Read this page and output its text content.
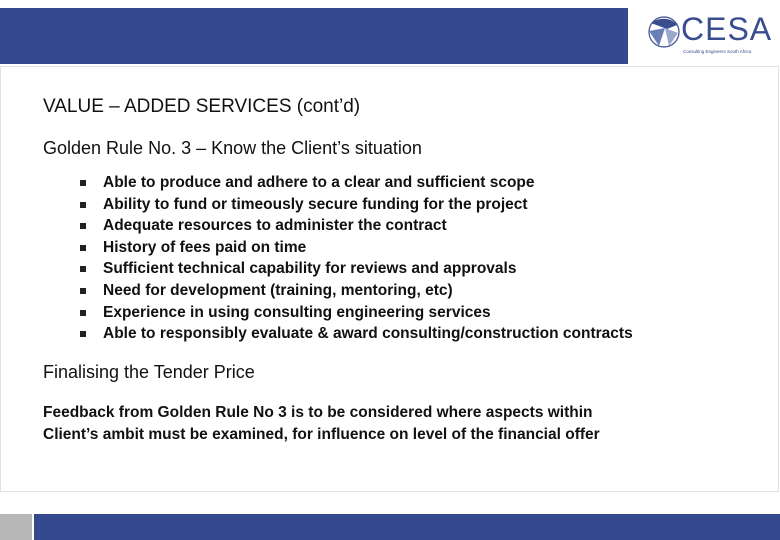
CESA
Consulting Engineers South Africa
VALUE – ADDED SERVICES (cont’d)
Golden Rule No. 3 – Know the Client’s situation
Able to produce and adhere to a clear and sufficient scope
Ability to fund or timeously secure funding for the project
Adequate resources to administer the contract
History of fees paid on time
Sufficient technical capability for reviews and approvals
Need for development (training, mentoring, etc)
Experience in using consulting engineering services
Able to responsibly evaluate & award consulting/construction contracts
Finalising the Tender Price
Feedback from Golden Rule No 3 is to be considered where aspects within
Client’s ambit must be examined, for influence on level of the financial offer
